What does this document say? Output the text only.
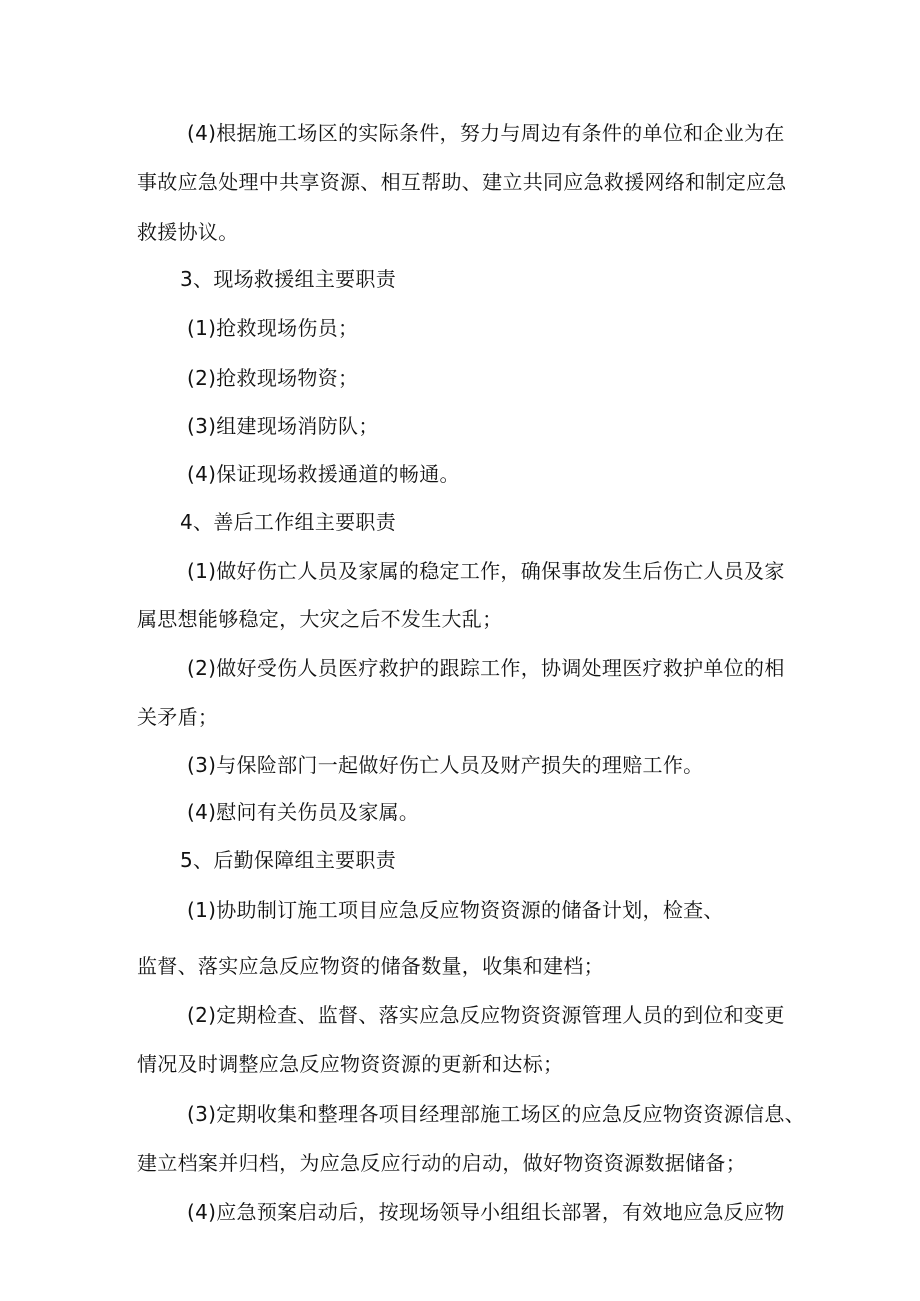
(4)根据施工场区的实际条件，努力与周边有条件的单位和企业为在

事故应急处理中共享资源、相互帮助、建立共同应急救援网络和制定应急

救援协议。

3、现场救援组主要职责

(1)抢救现场伤员；

(2)抢救现场物资；

(3)组建现场消防队；

(4)保证现场救援通道的畅通。

4、善后工作组主要职责

(1)做好伤亡人员及家属的稳定工作，确保事故发生后伤亡人员及家

属思想能够稳定，大灾之后不发生大乱；

(2)做好受伤人员医疗救护的跟踪工作，协调处理医疗救护单位的相

关矛盾；

(3)与保险部门一起做好伤亡人员及财产损失的理赔工作。

(4)慰问有关伤员及家属。

5、后勤保障组主要职责

(1)协助制订施工项目应急反应物资资源的储备计划，检查、

监督、落实应急反应物资的储备数量，收集和建档；

(2)定期检查、监督、落实应急反应物资资源管理人员的到位和变更

情况及时调整应急反应物资资源的更新和达标；

(3)定期收集和整理各项目经理部施工场区的应急反应物资资源信息、

建立档案并归档，为应急反应行动的启动，做好物资资源数据储备；

(4)应急预案启动后，按现场领导小组组长部署，有效地应急反应物
